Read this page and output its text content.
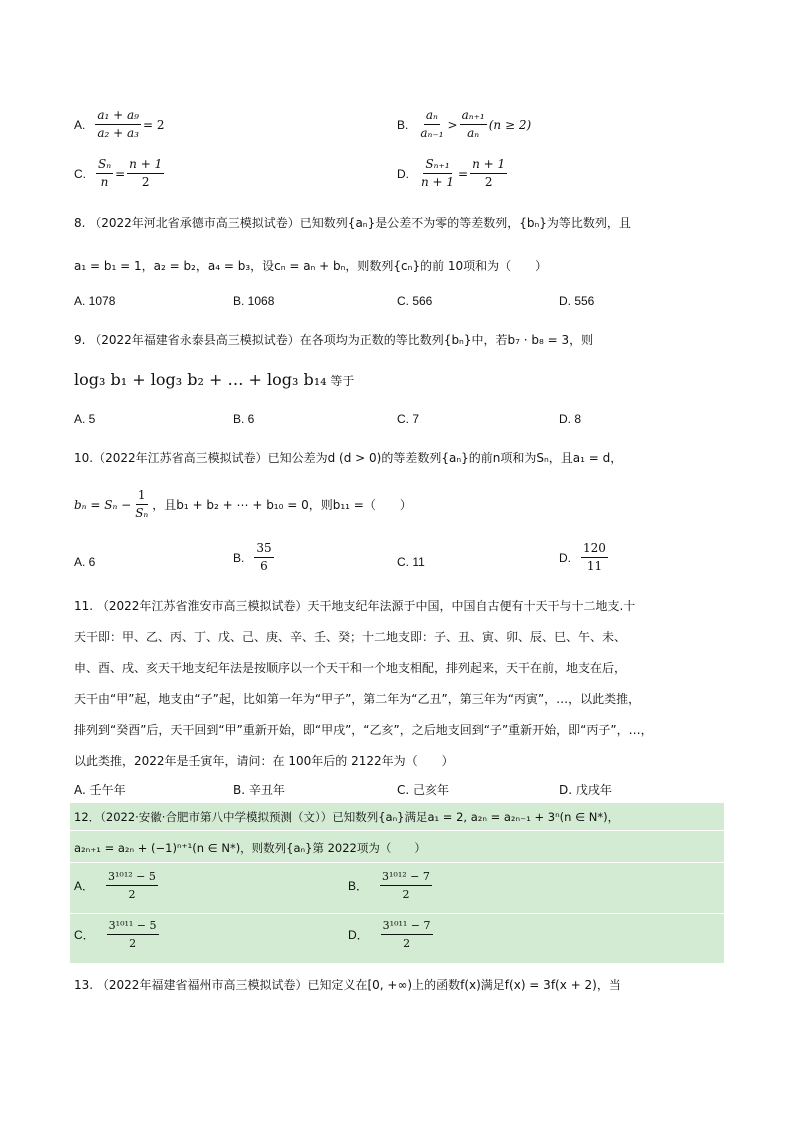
A. $\frac{\text{a₁ + a₉}}{\text{a₂ + a₃}} = 2$	B. $\frac{\text{aₙ}}{\text{aₙ₋₁}} > \frac{\text{aₙ₊₁}}{\text{aₙ}} (n \ge 2)$
C. $\frac{\text{Sₙ}}{n} = \frac{n + 1}{2}$	D. $\frac{\text{Sₙ₊₁}}{n + 1} = \frac{n + 1}{2}$
8. （2022年河北省承德市高三模拟试卷）已知数列{aₙ}是公差不为零的等差数列，{bₙ}为等比数列，且
a₁ = b₁ = 1，a₂ = b₂，a₄ = b₃，设cₙ = aₙ + bₙ，则数列{cₙ}的前 10项和为（　　）
A. 1078	B. 1068	C. 566	D. 556
9. （2022年福建省永泰县高三模拟试卷）在各项均为正数的等比数列{bₙ}中，若b₇ · b₈ = 3，则
log₃ b₁ + log₃ b₂ + … + log₃ b₁₄ 等于
A. 5	B. 6	C. 7	D. 8
10.（2022年江苏省高三模拟试卷）已知公差为d (d > 0)的等差数列{aₙ}的前n项和为Sₙ，且a₁ = d，
$b_n = S_n - \frac{1}{\text{Sₙ}}$ ，且b₁ + b₂ + ⋯ + b₁₀ = 0，则b₁₁ =（　　）
A. 6	B. $\frac{35}{6}$	C. 11	D. $\frac{120}{11}$
11. （2022年江苏省淮安市高三模拟试卷）天干地支纪年法源于中国，中国自古便有十天干与十二地支.十
天干即：甲、乙、丙、丁、戊、己、庚、辛、壬、癸；十二地支即：子、丑、寅、卯、辰、巳、午、未、
申、酉、戌、亥天干地支纪年法是按顺序以一个天干和一个地支相配，排列起来，天干在前，地支在后，
天干由“甲”起，地支由“子”起，比如第一年为“甲子”，第二年为“乙丑”，第三年为“丙寅”，…，以此类推，
排列到“癸酉”后，天干回到“甲”重新开始，即“甲戌”，“乙亥”，之后地支回到“子”重新开始，即“丙子”，…，
以此类推，2022年是壬寅年，请问：在 100年后的 2122年为（　　）
A. 壬午年	B. 辛丑年	C. 己亥年	D. 戊戌年
12．（2022·安徽·合肥市第八中学模拟预测（文））已知数列{aₙ}满足a₁ = 2, a₂ₙ = a₂ₙ₋₁ + 3ⁿ(n ∈ N*)，
a₂ₙ₊₁ = a₂ₙ + (−1)ⁿ⁺¹(n ∈ N*)，则数列{aₙ}第 2022项为（　　）
A． $\frac{\text{3¹⁰¹² − 5}}{2}$	B． $\frac{\text{3¹⁰¹² − 7}}{2}$
C． $\frac{\text{3¹⁰¹¹ − 5}}{2}$	D． $\frac{\text{3¹⁰¹¹ − 7}}{2}$
13. （2022年福建省福州市高三模拟试卷）已知定义在[0, +∞)上的函数f(x)满足f(x) = 3f(x + 2)，当
